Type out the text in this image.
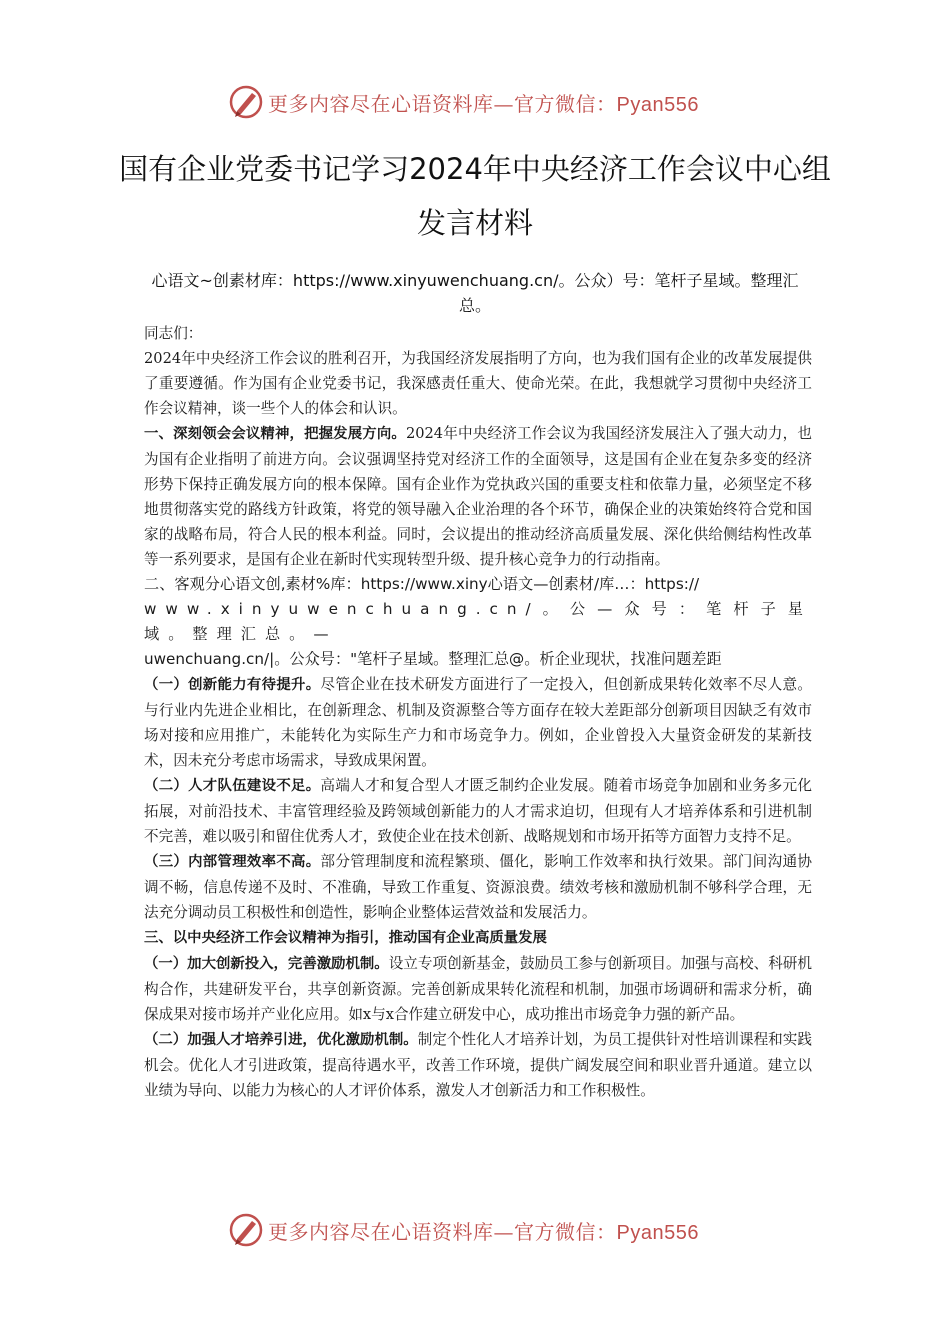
更多内容尽在心语资料库—官方微信：Pyan556
国有企业党委书记学习2024年中央经济工作会议中心组发言材料
心语文~创素材库：https://www.xinyuwenchuang.cn/。公众）号：笔杆子星域。整理汇总。

同志们：

2024年中央经济工作会议的胜利召开，为我国经济发展指明了方向，也为我们国有企业的改革发展提供了重要遵循。作为国有企业党委书记，我深感责任重大、使命光荣。在此，我想就学习贯彻中央经济工作会议精神，谈一些个人的体会和认识。

一、深刻领会会议精神，把握发展方向。2024年中央经济工作会议为我国经济发展注入了强大动力，也为国有企业指明了前进方向。会议强调坚持党对经济工作的全面领导，这是国有企业在复杂多变的经济形势下保持正确发展方向的根本保障。国有企业作为党执政兴国的重要支柱和依靠力量，必须坚定不移地贯彻落实党的路线方针政策，将党的领导融入企业治理的各个环节，确保企业的决策始终符合党和国家的战略布局，符合人民的根本利益。同时，会议提出的推动经济高质量发展、深化供给侧结构性改革等一系列要求，是国有企业在新时代实现转型升级、提升核心竞争力的行动指南。

二、客观分心语文创,素材%库：https://www.xiny心语文—创素材/库…：https://
www.xinyuwenchuang.cn/。公—众号：笔杆子星域。整理汇总。—
uwenchuang.cn/|。公众号："笔杆子星域。整理汇总@。析企业现状，找准问题差距

（一）创新能力有待提升。尽管企业在技术研发方面进行了一定投入，但创新成果转化效率不尽人意。与行业内先进企业相比，在创新理念、机制及资源整合等方面存在较大差距部分创新项目因缺乏有效市场对接和应用推广，未能转化为实际生产力和市场竞争力。例如，企业曾投入大量资金研发的某新技术，因未充分考虑市场需求，导致成果闲置。

（二）人才队伍建设不足。高端人才和复合型人才匮乏制约企业发展。随着市场竞争加剧和业务多元化拓展，对前沿技术、丰富管理经验及跨领域创新能力的人才需求迫切，但现有人才培养体系和引进机制不完善，难以吸引和留住优秀人才，致使企业在技术创新、战略规划和市场开拓等方面智力支持不足。

（三）内部管理效率不高。部分管理制度和流程繁琐、僵化，影响工作效率和执行效果。部门间沟通协调不畅，信息传递不及时、不准确，导致工作重复、资源浪费。绩效考核和激励机制不够科学合理，无法充分调动员工积极性和创造性，影响企业整体运营效益和发展活力。

三、以中央经济工作会议精神为指引，推动国有企业高质量发展

（一）加大创新投入，完善激励机制。设立专项创新基金，鼓励员工参与创新项目。加强与高校、科研机构合作，共建研发平台，共享创新资源。完善创新成果转化流程和机制，加强市场调研和需求分析，确保成果对接市场并产业化应用。如x与x合作建立研发中心，成功推出市场竞争力强的新产品。

（二）加强人才培养引进，优化激励机制。制定个性化人才培养计划，为员工提供针对性培训课程和实践机会。优化人才引进政策，提高待遇水平，改善工作环境，提供广阔发展空间和职业晋升通道。建立以业绩为导向、以能力为核心的人才评价体系，激发人才创新活力和工作积极性。

更多内容尽在心语资料库—官方微信：Pyan556
